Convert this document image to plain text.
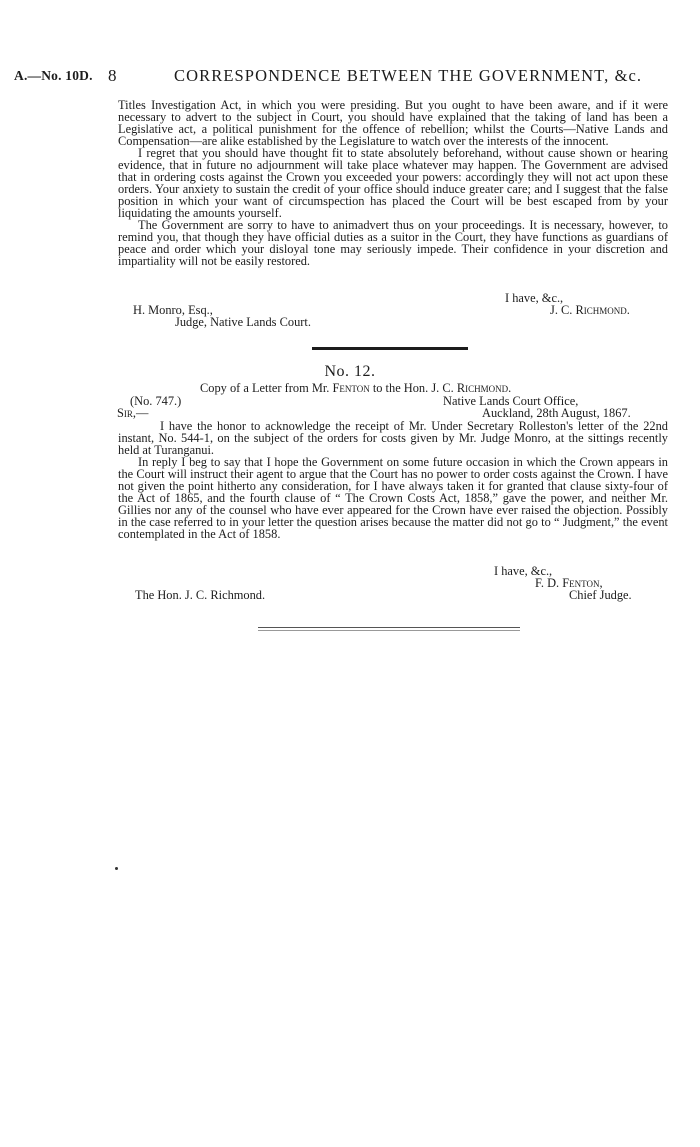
A.—No. 10D. 8	CORRESPONDENCE BETWEEN THE GOVERNMENT, &c.

Titles Investigation Act, in which you were presiding. But you ought to have been aware, and if it were necessary to advert to the subject in Court, you should have explained that the taking of land has been a Legislative act, a political punishment for the offence of rebellion; whilst the Courts—Native Lands and Compensation—are alike established by the Legislature to watch over the interests of the innocent.

I regret that you should have thought fit to state absolutely beforehand, without cause shown or hearing evidence, that in future no adjournment will take place whatever may happen. The Government are advised that in ordering costs against the Crown you exceeded your powers: accordingly they will not act upon these orders. Your anxiety to sustain the credit of your office should induce greater care; and I suggest that the false position in which your want of circumspection has placed the Court will be best escaped from by your liquidating the amounts yourself.

The Government are sorry to have to animadvert thus on your proceedings. It is necessary, however, to remind you, that though they have official duties as a suitor in the Court, they have functions as guardians of peace and order which your disloyal tone may seriously impede. Their confidence in your discretion and impartiality will not be easily restored.

I have, &c.,
H. Monro, Esq.,	J. C. Richmond.
Judge, Native Lands Court.
No. 12.
Copy of a Letter from Mr. Fenton to the Hon. J. C. Richmond.
(No. 747.)	Native Lands Court Office,
Sir,—	Auckland, 28th August, 1867.

I have the honor to acknowledge the receipt of Mr. Under Secretary Rolleston's letter of the 22nd instant, No. 544-1, on the subject of the orders for costs given by Mr. Judge Monro, at the sittings recently held at Turanganui.

In reply I beg to say that I hope the Government on some future occasion in which the Crown appears in the Court will instruct their agent to argue that the Court has no power to order costs against the Crown. I have not given the point hitherto any consideration, for I have always taken it for granted that clause sixty-four of the Act of 1865, and the fourth clause of “ The Crown Costs Act, 1858,” gave the power, and neither Mr. Gillies nor any of the counsel who have ever appeared for the Crown have ever raised the objection. Possibly in the case referred to in your letter the question arises because the matter did not go to “ Judgment,” the event contemplated in the Act of 1858.

I have, &c.,
F. D. Fenton,
The Hon. J. C. Richmond.	Chief Judge.
